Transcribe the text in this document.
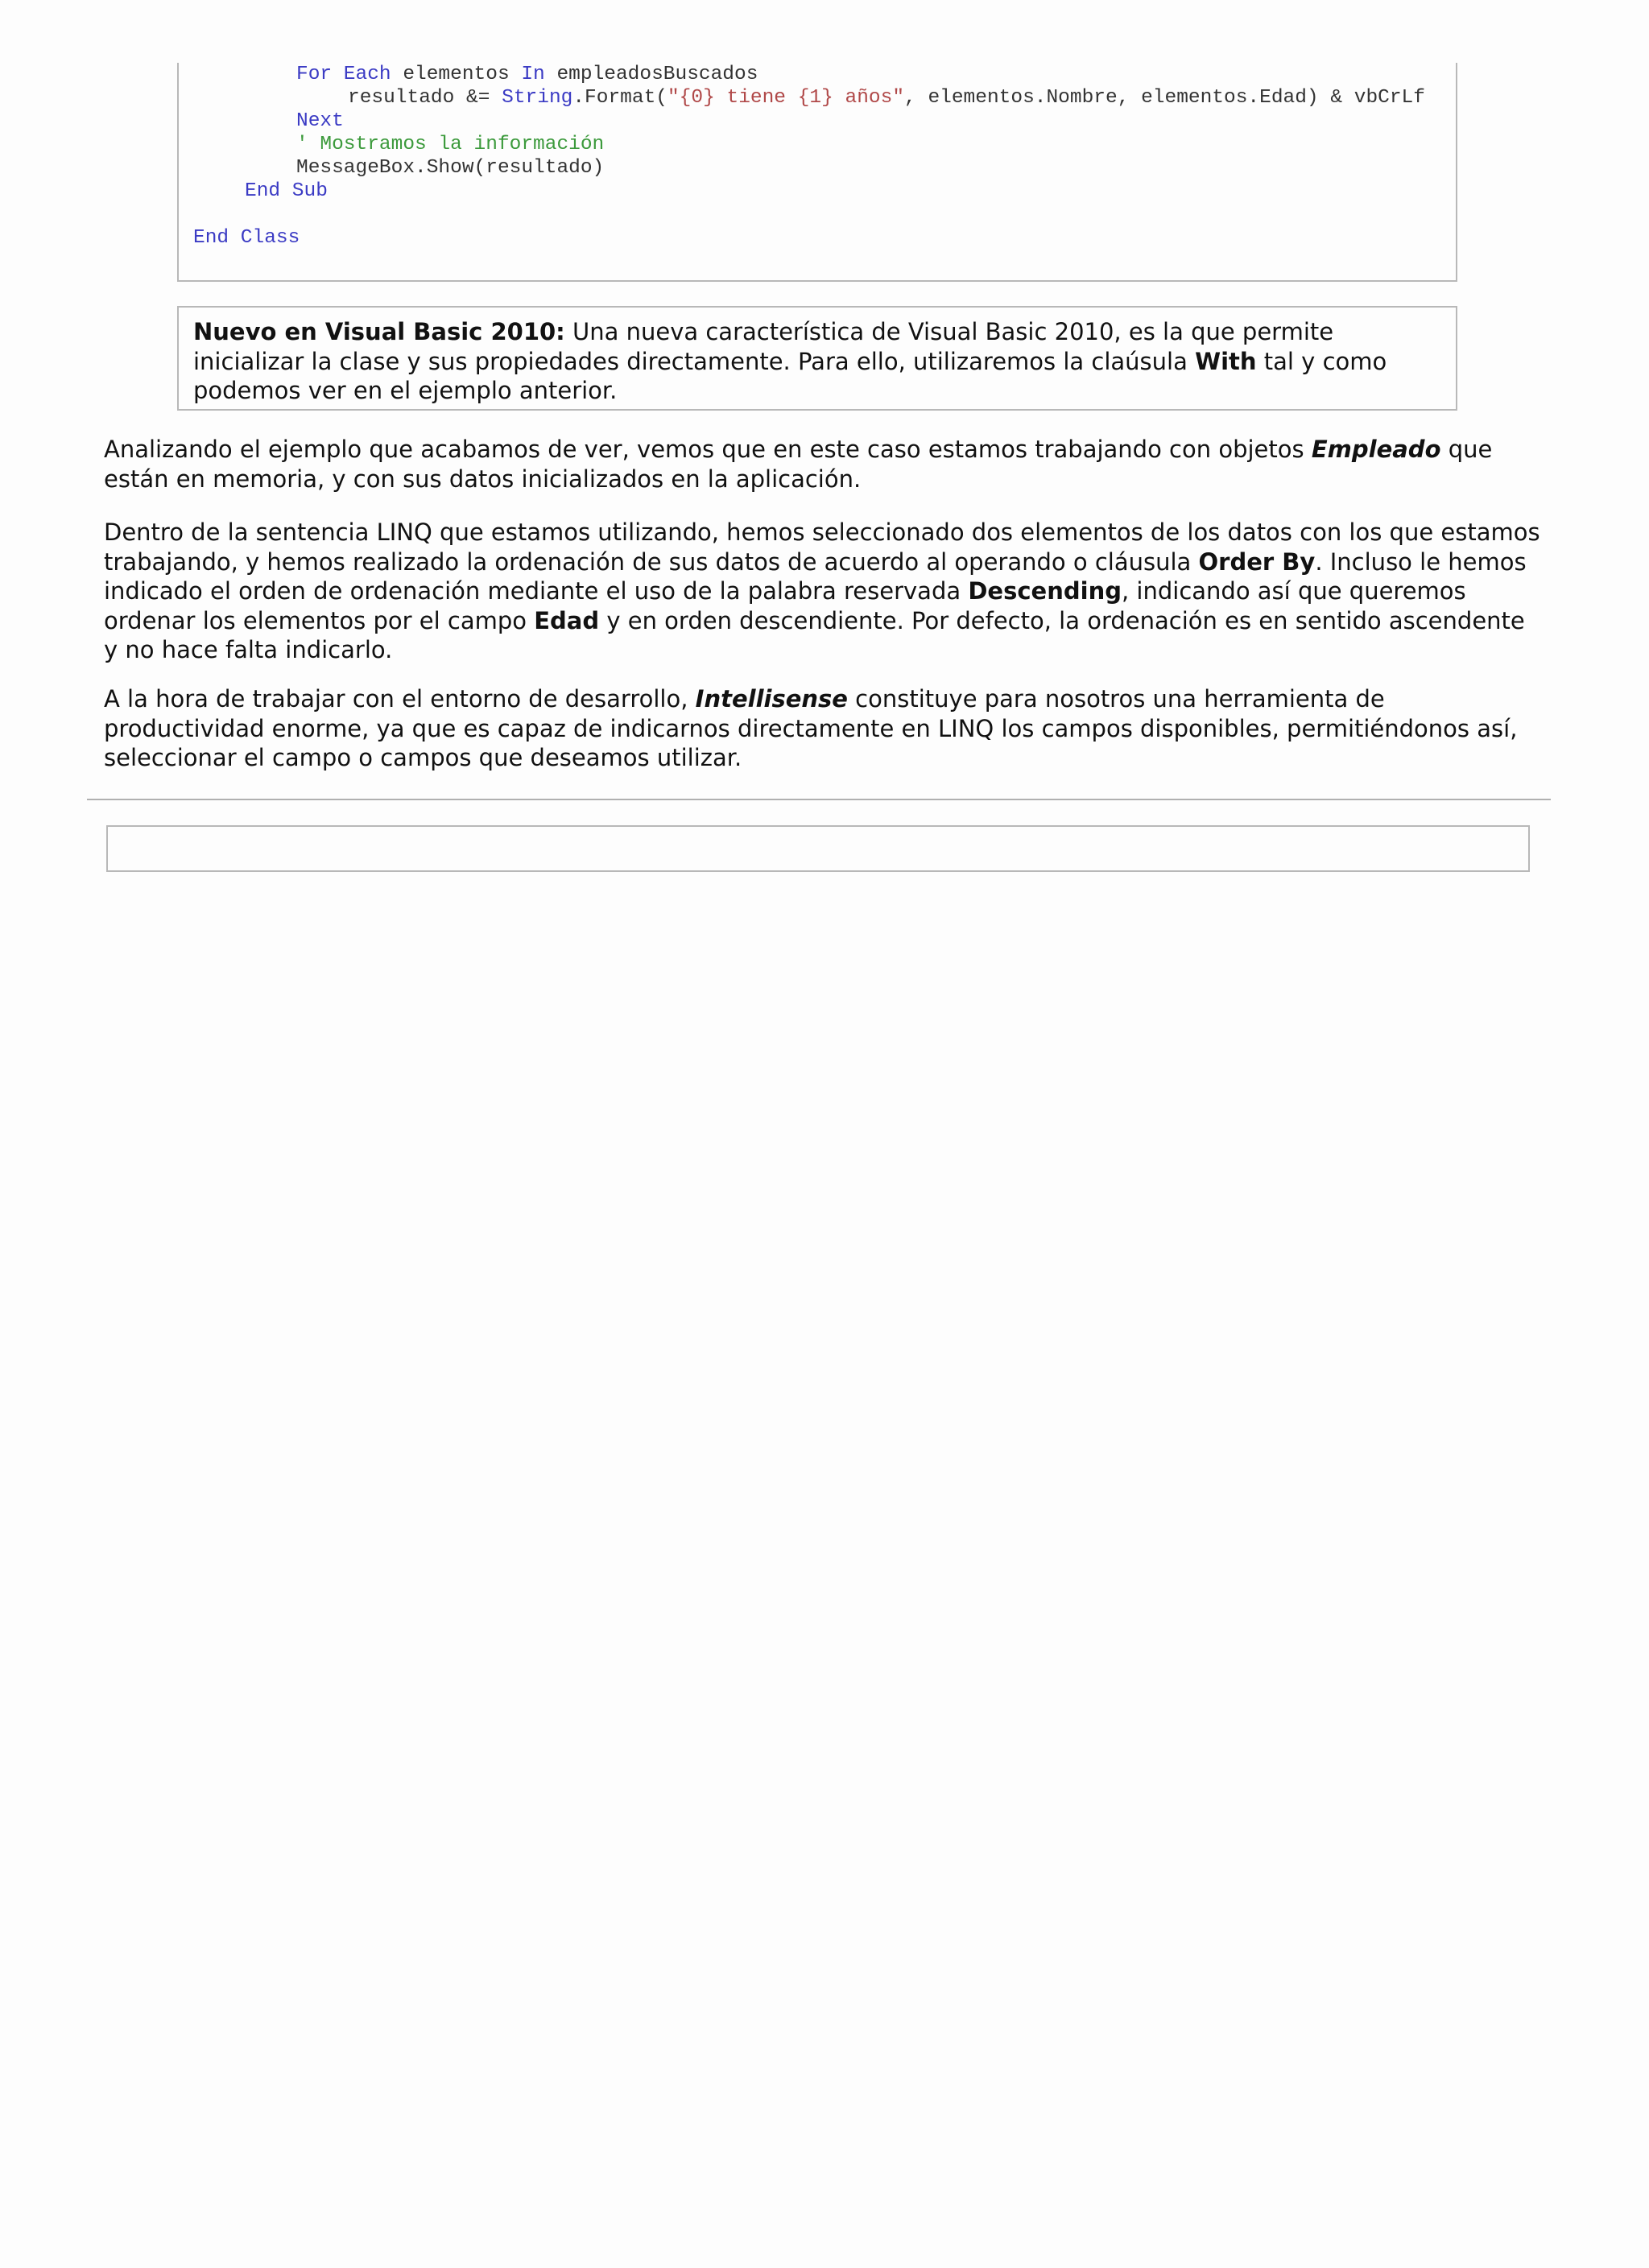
For Each elementos In empleadosBuscados
resultado &= String.Format("{0} tiene {1} años", elementos.Nombre, elementos.Edad) & vbCrLf
Next
' Mostramos la información
MessageBox.Show(resultado)
End Sub
End Class
Nuevo en Visual Basic 2010: Una nueva característica de Visual Basic 2010, es la que permite inicializar la clase y sus propiedades directamente. Para ello, utilizaremos la claúsula With tal y como podemos ver en el ejemplo anterior.

Analizando el ejemplo que acabamos de ver, vemos que en este caso estamos trabajando con objetos Empleado que están en memoria, y con sus datos inicializados en la aplicación.

Dentro de la sentencia LINQ que estamos utilizando, hemos seleccionado dos elementos de los datos con los que estamos trabajando, y hemos realizado la ordenación de sus datos de acuerdo al operando o cláusula Order By. Incluso le hemos indicado el orden de ordenación mediante el uso de la palabra reservada Descending, indicando así que queremos ordenar los elementos por el campo Edad y en orden descendiente. Por defecto, la ordenación es en sentido ascendente y no hace falta indicarlo.

A la hora de trabajar con el entorno de desarrollo, Intellisense constituye para nosotros una herramienta de productividad enorme, ya que es capaz de indicarnos directamente en LINQ los campos disponibles, permitiéndonos así, seleccionar el campo o campos que deseamos utilizar.
